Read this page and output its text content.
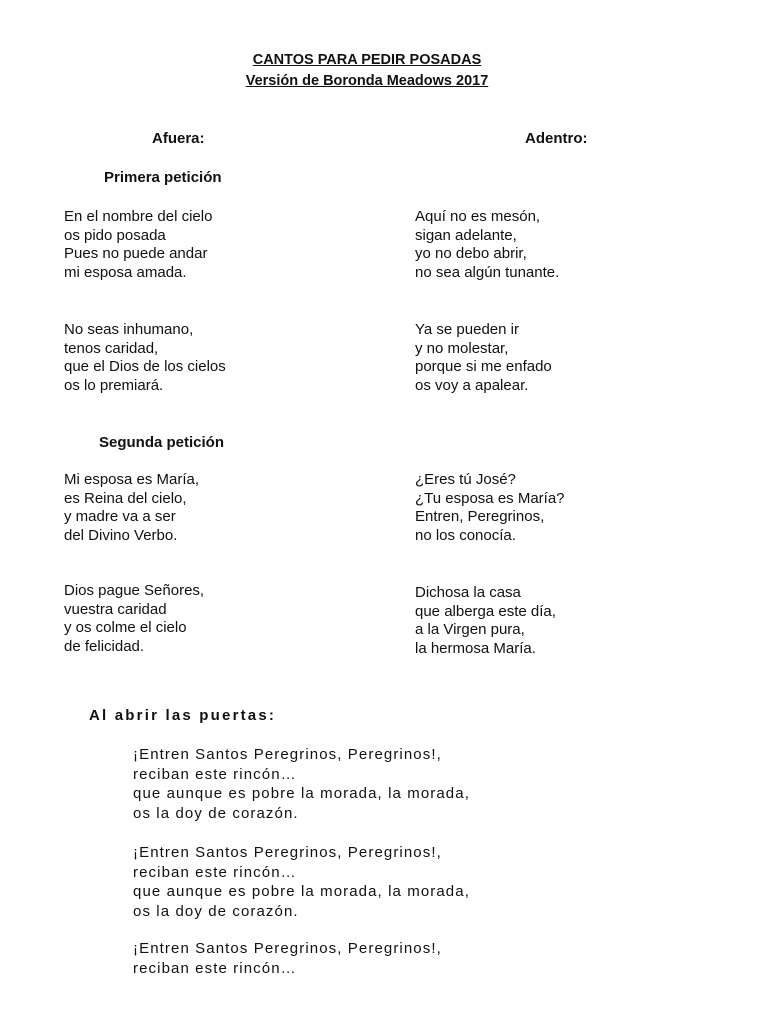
CANTOS PARA PEDIR POSADAS
Versión de Boronda Meadows 2017
Afuera:	Adentro:
Primera petición
En el nombre del cielo
os pido posada
Pues no puede andar
mi esposa amada.
Aquí no es mesón,
sigan adelante,
yo no debo abrir,
no sea algún tunante.
No seas inhumano,
tenos caridad,
que el Dios de los cielos
os lo premiará.
Ya se pueden ir
y no molestar,
porque si me enfado
os voy a apalear.
Segunda petición
Mi esposa es María,
es Reina del cielo,
y madre va a ser
del Divino Verbo.
¿Eres tú José?
¿Tu esposa es María?
Entren, Peregrinos,
no los conocía.
Dios pague Señores,
vuestra caridad
y os colme el cielo
de felicidad.
Dichosa la casa
que alberga este día,
a la Virgen pura,
la hermosa María.
Al abrir las puertas:
¡Entren Santos Peregrinos, Peregrinos!,
reciban este rincón…
que aunque es pobre la morada, la morada,
os la doy de corazón.
¡Entren Santos Peregrinos, Peregrinos!,
reciban este rincón…
que aunque es pobre la morada, la morada,
os la doy de corazón.
¡Entren Santos Peregrinos, Peregrinos!,
reciban este rincón…
